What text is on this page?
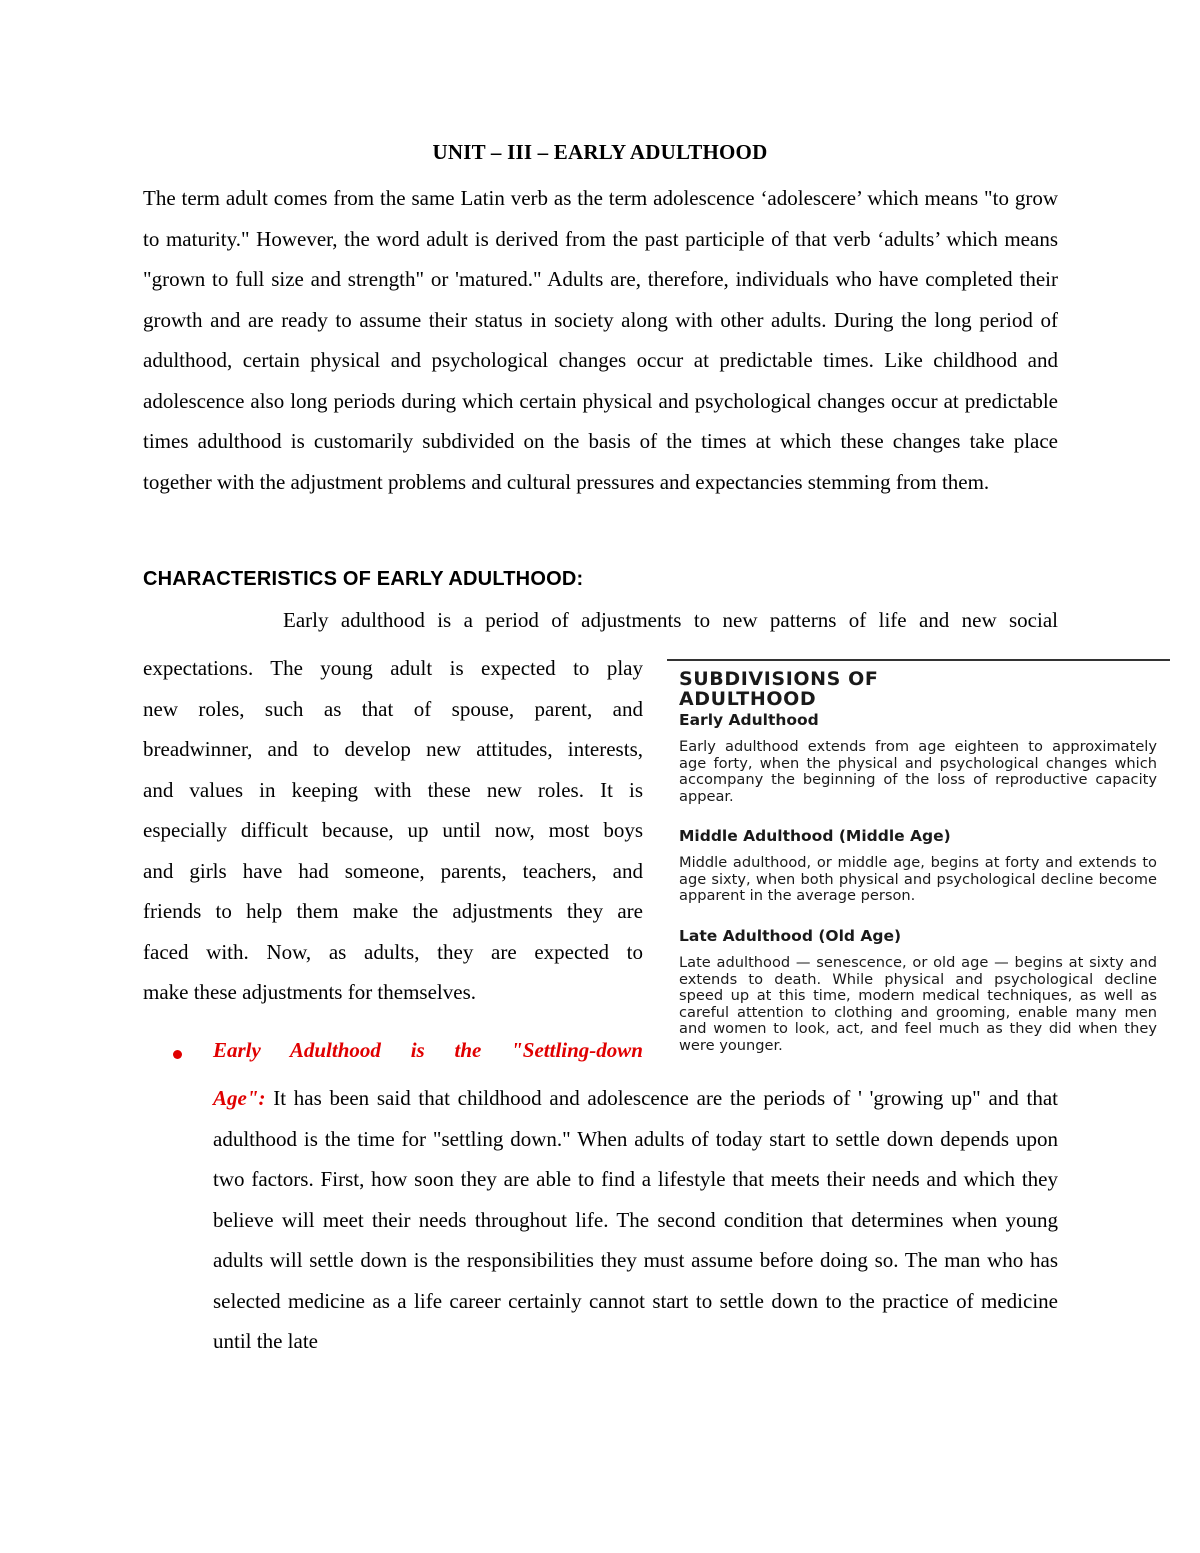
UNIT – III – EARLY ADULTHOOD
The term adult comes from the same Latin verb as the term adolescence ‘adolescere’ which means "to grow to maturity." However, the word adult is derived from the past participle of that verb ‘adults’ which means "grown to full size and strength" or 'matured." Adults are, therefore, individuals who have completed their growth and are ready to assume their status in society along with other adults. During the long period of adulthood, certain physical and psychological changes occur at predictable times. Like childhood and adolescence also long periods during which certain physical and psychological changes occur at predictable times adulthood is customarily subdivided on the basis of the times at which these changes take place together with the adjustment problems and cultural pressures and expectancies stemming from them.
CHARACTERISTICS OF EARLY ADULTHOOD:
Early adulthood is a period of adjustments to new patterns of life and new social
expectations. The young adult is expected to play
new roles, such as that of spouse, parent, and
breadwinner, and to develop new attitudes, interests,
and values in keeping with these new roles. It is
especially difficult because, up until now, most boys
and girls have had someone, parents, teachers, and
friends to help them make the adjustments they are
faced with. Now, as adults, they are expected to
make these adjustments for themselves.
SUBDIVISIONS OF ADULTHOOD
Early Adulthood
Early adulthood extends from age eighteen to approximately age forty, when the physical and psychological changes which accompany the beginning of the loss of reproductive capacity appear.
Middle Adulthood (Middle Age)
Middle adulthood, or middle age, begins at forty and extends to age sixty, when both physical and psychological decline become apparent in the average person.
Late Adulthood (Old Age)
Late adulthood — senescence, or old age — begins at sixty and extends to death. While physical and psychological decline speed up at this time, modern medical techniques, as well as careful attention to clothing and grooming, enable many men and women to look, act, and feel much as they did when they were younger.
Early Adulthood is the "Settling-down
Age": It has been said that childhood and adolescence are the periods of ' 'growing up" and that adulthood is the time for "settling down." When adults of today start to settle down depends upon two factors. First, how soon they are able to find a lifestyle that meets their needs and which they believe will meet their needs throughout life. The second condition that determines when young adults will settle down is the responsibilities they must assume before doing so. The man who has selected medicine as a life career certainly cannot start to settle down to the practice of medicine until the late
